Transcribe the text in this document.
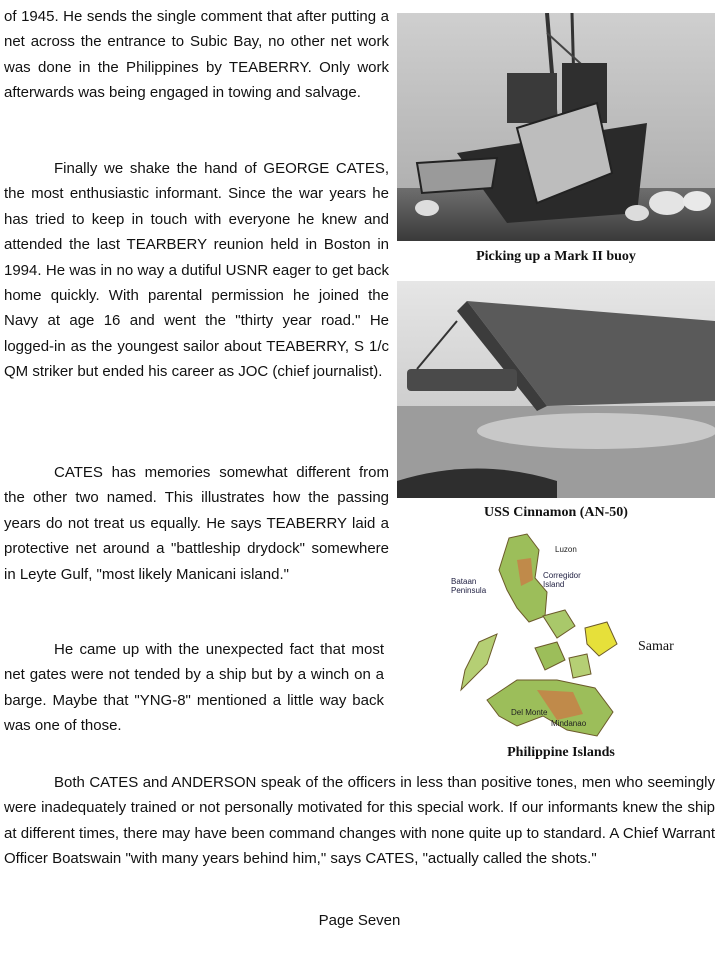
of 1945. He sends the single comment that after putting a net across the entrance to Subic Bay, no other net work was done in the Philippines by TEABERRY. Only work afterwards was being engaged in towing and salvage.

Finally we shake the hand of GEORGE CATES, the most enthusiastic informant. Since the war years he has tried to keep in touch with everyone he knew and attended the last TEARBERY reunion held in Boston in 1994. He was in no way a dutiful USNR eager to get back home quickly. With parental permission he joined the Navy at age 16 and went the "thirty year road." He logged-in as the youngest sailor about TEABERRY, S 1/c QM striker but ended his career as JOC (chief journalist).

CATES has memories somewhat different from the other two named. This illustrates how the passing years do not treat us equally. He says TEABERRY laid a protective net around a "battleship drydock" somewhere in Leyte Gulf, "most likely Manicani island."

He came up with the unexpected fact that most net gates were not tended by a ship but by a winch on a barge. Maybe that "YNG-8" mentioned a little way back was one of those.

Picking up a Mark II buoy
USS Cinnamon (AN-50)
Luzon
Corregidor Island
Bataan Peninsula
Del Monte
Mindanao
Samar
Philippine Islands

Both CATES and ANDERSON speak of the officers in less than positive tones, men who seemingly were inadequately trained or not personally motivated for this special work. If our informants knew the ship at different times, there may have been command changes with none quite up to standard. A Chief Warrant Officer Boatswain "with many years behind him," says CATES, "actually called the shots."

Page Seven
